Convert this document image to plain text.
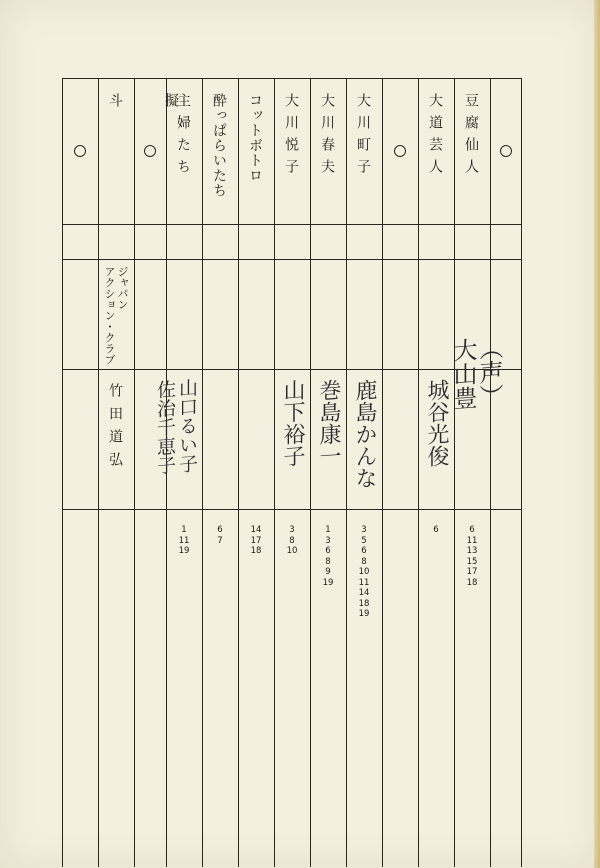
擬

斗
ジャパン
アクション・クラブ
竹田道弘
主婦たち
山口るい子
佐治千恵子
1
11
19
酔っぱらいたち
6
7
コットボトロ
14
17
18
大川悦子
山下裕子
3
8
10
大川春夫
巻島康一
1
3
6
8
9
19
大川町子
鹿島かんな
3
5
6
8
10
11
14
18
19
大道芸人
城谷光俊
6
豆腐仙人
（声）
大山豊
6
11
13
15
17
18
